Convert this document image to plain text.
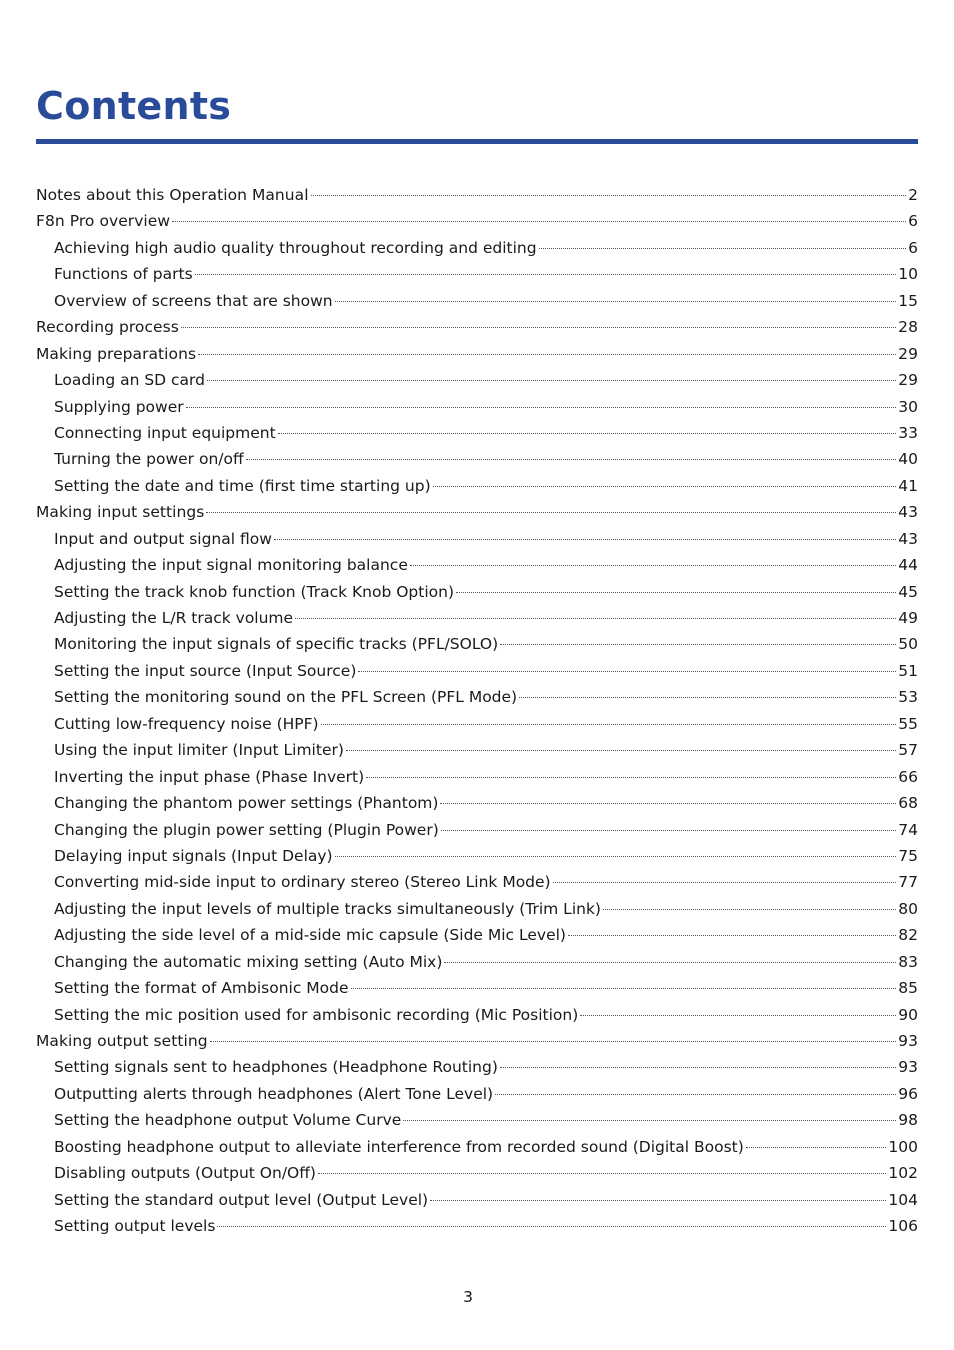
Contents
Notes about this Operation Manual	2
F8n Pro overview	6
Achieving high audio quality throughout recording and editing	6
Functions of parts	10
Overview of screens that are shown	15
Recording process	28
Making preparations	29
Loading an SD card	29
Supplying power	30
Connecting input equipment	33
Turning the power on/off	40
Setting the date and time (first time starting up)	41
Making input settings	43
Input and output signal flow	43
Adjusting the input signal monitoring balance	44
Setting the track knob function (Track Knob Option)	45
Adjusting the L/R track volume	49
Monitoring the input signals of specific tracks (PFL/SOLO)	50
Setting the input source (Input Source)	51
Setting the monitoring sound on the PFL Screen (PFL Mode)	53
Cutting low-frequency noise (HPF)	55
Using the input limiter (Input Limiter)	57
Inverting the input phase (Phase Invert)	66
Changing the phantom power settings (Phantom)	68
Changing the plugin power setting (Plugin Power)	74
Delaying input signals (Input Delay)	75
Converting mid-side input to ordinary stereo (Stereo Link Mode)	77
Adjusting the input levels of multiple tracks simultaneously (Trim Link)	80
Adjusting the side level of a mid-side mic capsule (Side Mic Level)	82
Changing the automatic mixing setting (Auto Mix)	83
Setting the format of Ambisonic Mode	85
Setting the mic position used for ambisonic recording (Mic Position)	90
Making output setting	93
Setting signals sent to headphones (Headphone Routing)	93
Outputting alerts through headphones (Alert Tone Level)	96
Setting the headphone output Volume Curve	98
Boosting headphone output to alleviate interference from recorded sound (Digital Boost)	100
Disabling outputs (Output On/Off)	102
Setting the standard output level (Output Level)	104
Setting output levels	106
3
